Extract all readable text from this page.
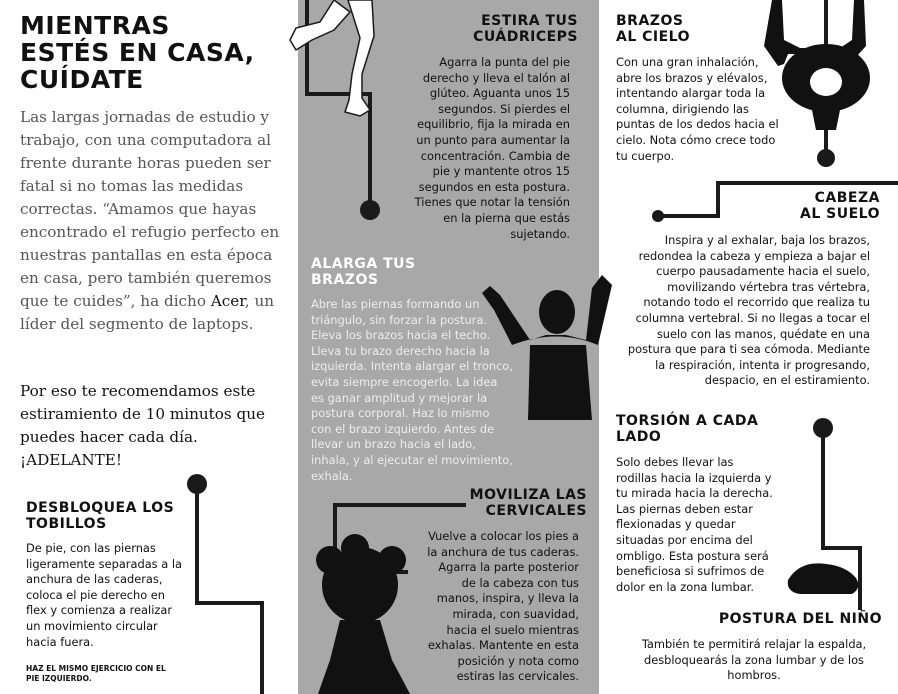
MIENTRAS
ESTÉS EN CASA,
CUÍDATE
Las largas jornadas de estudio y trabajo, con una computadora al frente durante horas pueden ser fatal si no tomas las medidas correctas. “Amamos que hayas encontrado el refugio perfecto en nuestras pantallas en esta época en casa, pero también queremos que te cuides”, ha dicho Acer, un líder del segmento de laptops.
Por eso te recomendamos este estiramiento de 10 minutos que puedes hacer cada día. ¡ADELANTE!
DESBLOQUEA LOS
TOBILLOS
De pie, con las piernas ligeramente separadas a la anchura de las caderas, coloca el pie derecho en flex y comienza a realizar un movimiento circular hacia fuera.
HAZ EL MISMO EJERCICIO CON EL PIE IZQUIERDO.
ESTIRA TUS
CUÁDRICEPS
Agarra la punta del pie derecho y lleva el talón al glúteo. Aguanta unos 15 segundos. Si pierdes el equilibrio, fija la mirada en un punto para aumentar la concentración. Cambia de pie y mantente otros 15 segundos en esta postura. Tienes que notar la tensión en la pierna que estás sujetando.
ALARGA TUS
BRAZOS
Abre las piernas formando un triángulo, sin forzar la postura. Eleva los brazos hacia el techo. Lleva tu brazo derecho hacia la izquierda. Intenta alargar el tronco, evita siempre encogerlo. La idea es ganar amplitud y mejorar la postura corporal. Haz lo mismo con el brazo izquierdo. Antes de llevar un brazo hacia el lado, inhala, y al ejecutar el movimiento, exhala.
MOVILIZA LAS
CERVICALES
Vuelve a colocar los pies a la anchura de tus caderas. Agarra la parte posterior de la cabeza con tus manos, inspira, y lleva la mirada, con suavidad, hacia el suelo mientras exhalas. Mantente en esta posición y nota como estiras las cervicales.
BRAZOS
AL CIELO
Con una gran inhalación, abre los brazos y elévalos, intentando alargar toda la columna, dirigiendo las puntas de los dedos hacia el cielo. Nota cómo crece todo tu cuerpo.
CABEZA
AL SUELO
Inspira y al exhalar, baja los brazos, redondea la cabeza y empieza a bajar el cuerpo pausadamente hacia el suelo, movilizando vértebra tras vértebra, notando todo el recorrido que realiza tu columna vertebral. Si no llegas a tocar el suelo con las manos, quédate en una postura que para ti sea cómoda. Mediante la respiración, intenta ir progresando, despacio, en el estiramiento.
TORSIÓN A CADA
LADO
Solo debes llevar las rodillas hacia la izquierda y tu mirada hacia la derecha. Las piernas deben estar flexionadas y quedar situadas por encima del ombligo. Esta postura será beneficiosa si sufrimos de dolor en la zona lumbar.
POSTURA DEL NIÑO
También te permitirá relajar la espalda, desbloquearás la zona lumbar y de los hombros.
